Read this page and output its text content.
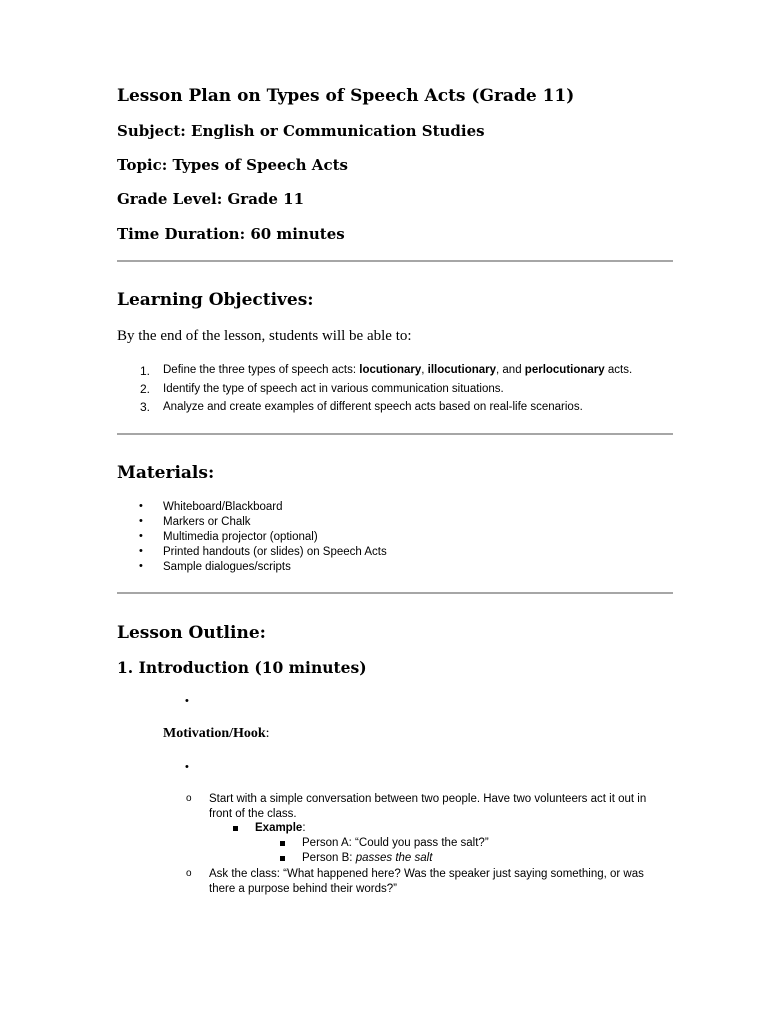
Lesson Plan on Types of Speech Acts (Grade 11)
Subject: English or Communication Studies
Topic: Types of Speech Acts
Grade Level: Grade 11
Time Duration: 60 minutes
Learning Objectives:
By the end of the lesson, students will be able to:
1. Define the three types of speech acts: locutionary, illocutionary, and perlocutionary acts.
2. Identify the type of speech act in various communication situations.
3. Analyze and create examples of different speech acts based on real-life scenarios.
Materials:
• Whiteboard/Blackboard
• Markers or Chalk
• Multimedia projector (optional)
• Printed handouts (or slides) on Speech Acts
• Sample dialogues/scripts
Lesson Outline:
1. Introduction (10 minutes)
•
Motivation/Hook:
•
o Start with a simple conversation between two people. Have two volunteers act it out in front of the class.
Example:
Person A: “Could you pass the salt?”
Person B: passes the salt
o Ask the class: “What happened here? Was the speaker just saying something, or was there a purpose behind their words?”
